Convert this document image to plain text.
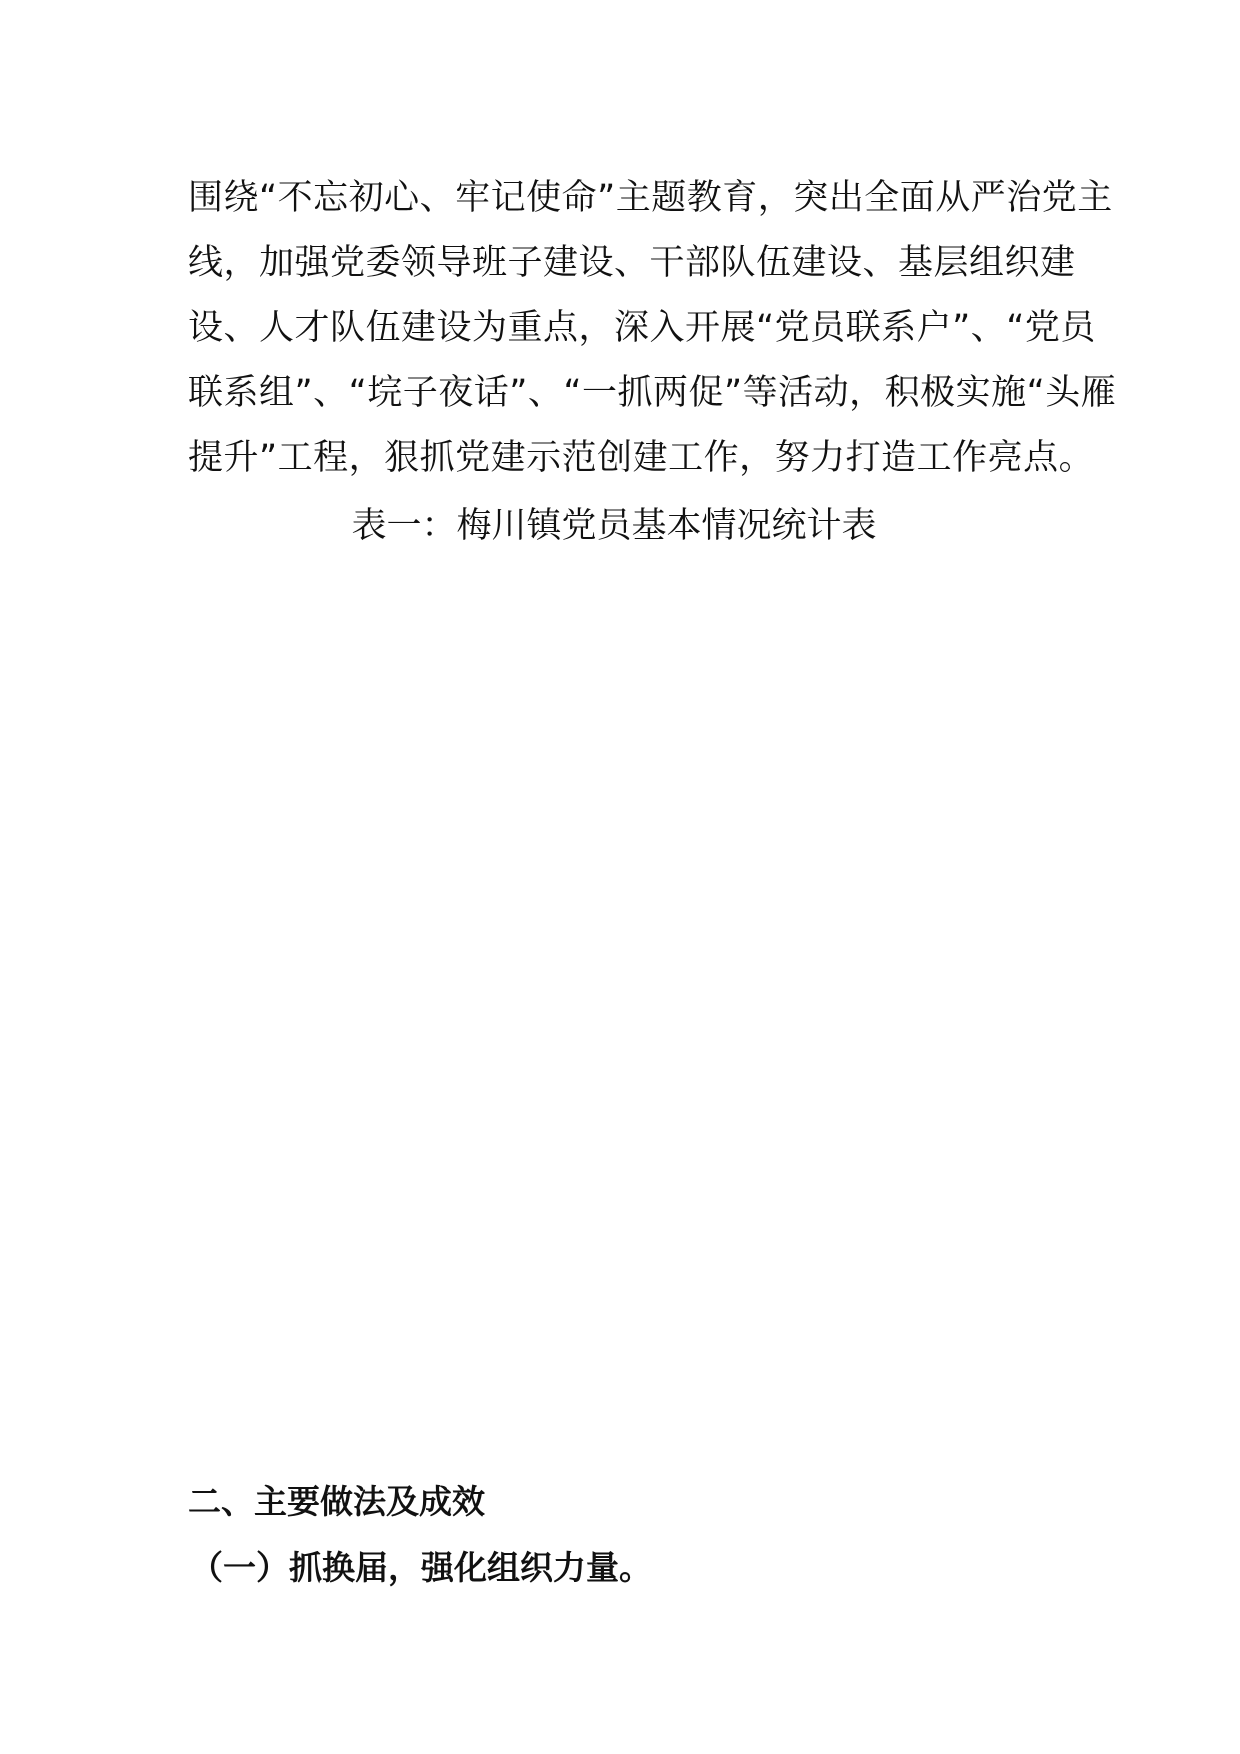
围绕“不忘初心、牢记使命”主题教育，突出全面从严治党主
线，加强党委领导班子建设、干部队伍建设、基层组织建
设、人才队伍建设为重点，深入开展“党员联系户”、“党员
联系组”、“垸子夜话”、“一抓两促”等活动，积极实施“头雁
提升”工程，狠抓党建示范创建工作，努力打造工作亮点。
表一：梅川镇党员基本情况统计表
二、主要做法及成效
（一）抓换届，强化组织力量。
